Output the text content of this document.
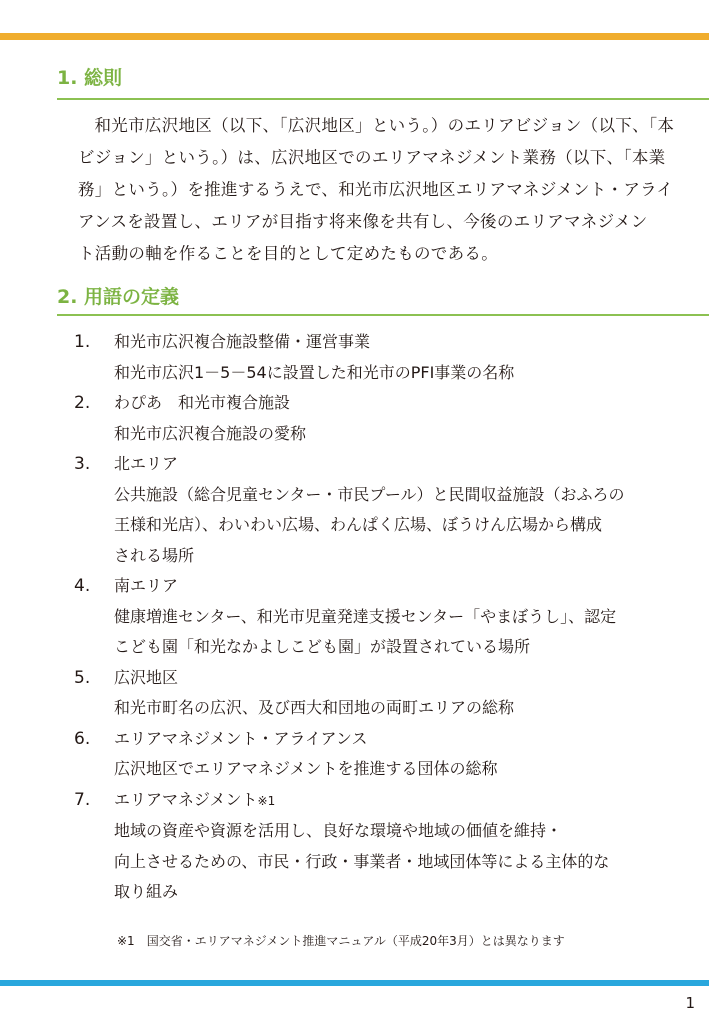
1. 総則

和光市広沢地区（以下、「広沢地区」という。）のエリアビジョン（以下、「本
ビジョン」という。）は、広沢地区でのエリアマネジメント業務（以下、「本業
務」という。）を推進するうえで、和光市広沢地区エリアマネジメント・アライ
アンスを設置し、エリアが目指す将来像を共有し、今後のエリアマネジメン
ト活動の軸を作ることを目的として定めたものである。

2. 用語の定義
1.	和光市広沢複合施設整備・運営事業
和光市広沢1－5－54に設置した和光市のPFI事業の名称
2.	わぴあ　和光市複合施設
和光市広沢複合施設の愛称
3.	北エリア
公共施設（総合児童センター・市民プール）と民間収益施設（おふろの
王様和光店）、わいわい広場、わんぱく広場、ぼうけん広場から構成
される場所
4.	南エリア
健康増進センター、和光市児童発達支援センター「やまぼうし」、認定
こども園「和光なかよしこども園」が設置されている場所
5.	広沢地区
和光市町名の広沢、及び西大和団地の両町エリアの総称
6.	エリアマネジメント・アライアンス
広沢地区でエリアマネジメントを推進する団体の総称
7.	エリアマネジメント※1
地域の資産や資源を活用し、良好な環境や地域の価値を維持・
向上させるための、市民・行政・事業者・地域団体等による主体的な
取り組み

※1　国交省・エリアマネジメント推進マニュアル（平成20年3月）とは異なります

1
